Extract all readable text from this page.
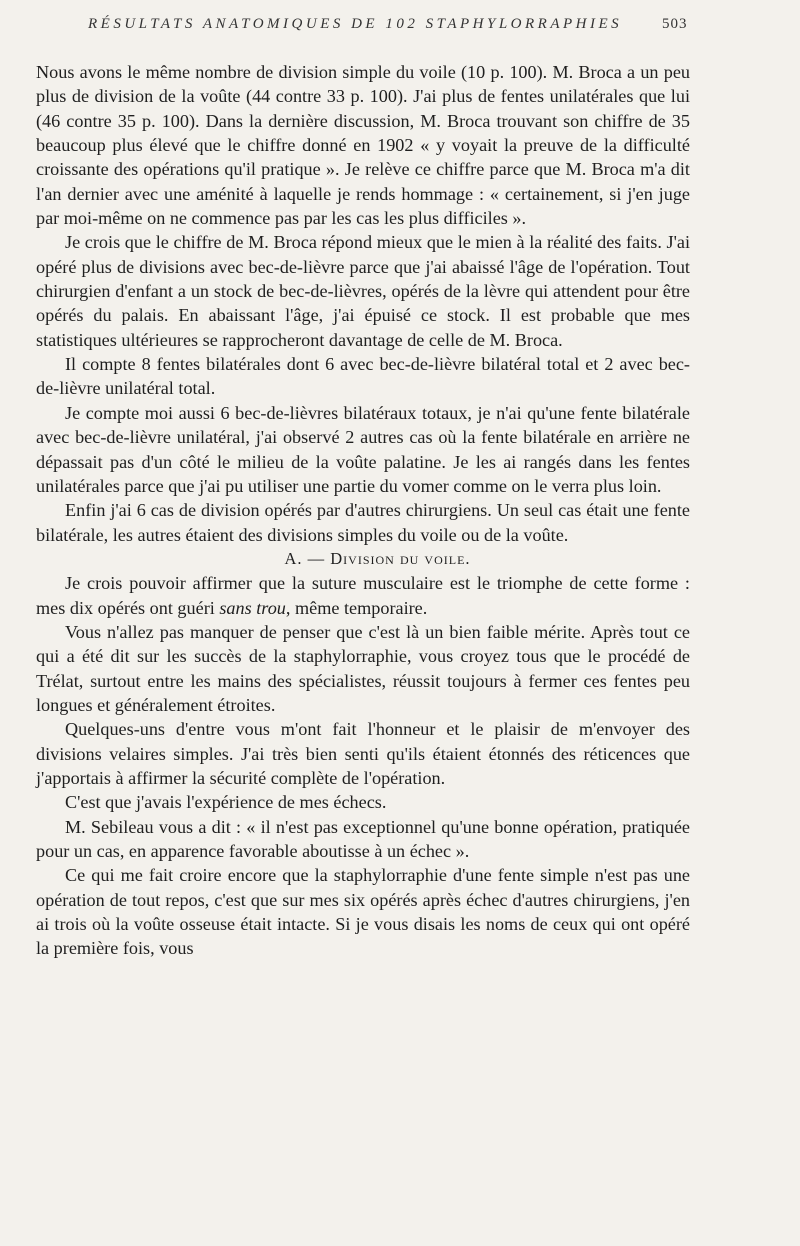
RÉSULTATS ANATOMIQUES DE 102 STAPHYLORRAPHIES	503

Nous avons le même nombre de division simple du voile (10 p. 100). M. Broca a un peu plus de division de la voûte (44 contre 33 p. 100). J'ai plus de fentes unilatérales que lui (46 contre 35 p. 100). Dans la dernière discussion, M. Broca trouvant son chiffre de 35 beaucoup plus élevé que le chiffre donné en 1902 « y voyait la preuve de la difficulté croissante des opérations qu'il pratique ». Je relève ce chiffre parce que M. Broca m'a dit l'an dernier avec une aménité à laquelle je rends hommage : « certainement, si j'en juge par moi-même on ne commence pas par les cas les plus difficiles ».

Je crois que le chiffre de M. Broca répond mieux que le mien à la réalité des faits. J'ai opéré plus de divisions avec bec-de-lièvre parce que j'ai abaissé l'âge de l'opération. Tout chirurgien d'enfant a un stock de bec-de-lièvres, opérés de la lèvre qui attendent pour être opérés du palais. En abaissant l'âge, j'ai épuisé ce stock. Il est probable que mes statistiques ultérieures se rapprocheront davantage de celle de M. Broca.

Il compte 8 fentes bilatérales dont 6 avec bec-de-lièvre bilatéral total et 2 avec bec-de-lièvre unilatéral total.

Je compte moi aussi 6 bec-de-lièvres bilatéraux totaux, je n'ai qu'une fente bilatérale avec bec-de-lièvre unilatéral, j'ai observé 2 autres cas où la fente bilatérale en arrière ne dépassait pas d'un côté le milieu de la voûte palatine. Je les ai rangés dans les fentes unilatérales parce que j'ai pu utiliser une partie du vomer comme on le verra plus loin.

Enfin j'ai 6 cas de division opérés par d'autres chirurgiens. Un seul cas était une fente bilatérale, les autres étaient des divisions simples du voile ou de la voûte.

A. — Division du voile.

Je crois pouvoir affirmer que la suture musculaire est le triomphe de cette forme : mes dix opérés ont guéri sans trou, même temporaire.

Vous n'allez pas manquer de penser que c'est là un bien faible mérite. Après tout ce qui a été dit sur les succès de la staphylorraphie, vous croyez tous que le procédé de Trélat, surtout entre les mains des spécialistes, réussit toujours à fermer ces fentes peu longues et généralement étroites.

Quelques-uns d'entre vous m'ont fait l'honneur et le plaisir de m'envoyer des divisions velaires simples. J'ai très bien senti qu'ils étaient étonnés des réticences que j'apportais à affirmer la sécurité complète de l'opération.

C'est que j'avais l'expérience de mes échecs.

M. Sebileau vous a dit : « il n'est pas exceptionnel qu'une bonne opération, pratiquée pour un cas, en apparence favorable aboutisse à un échec ».

Ce qui me fait croire encore que la staphylorraphie d'une fente simple n'est pas une opération de tout repos, c'est que sur mes six opérés après échec d'autres chirurgiens, j'en ai trois où la voûte osseuse était intacte. Si je vous disais les noms de ceux qui ont opéré la première fois, vous
